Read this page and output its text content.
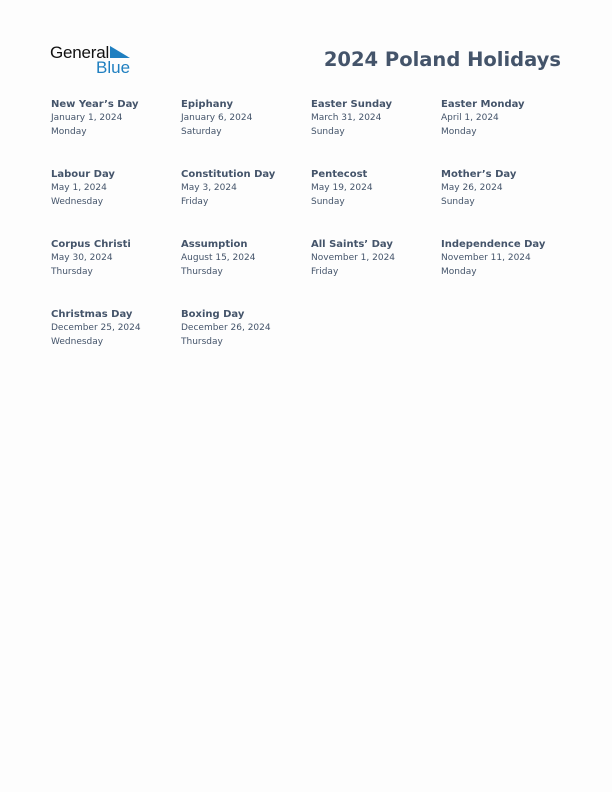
General
Blue	2024 Poland Holidays
New Year’s Day
January 1, 2024
Monday
Epiphany
January 6, 2024
Saturday
Easter Sunday
March 31, 2024
Sunday
Easter Monday
April 1, 2024
Monday
Labour Day
May 1, 2024
Wednesday
Constitution Day
May 3, 2024
Friday
Pentecost
May 19, 2024
Sunday
Mother’s Day
May 26, 2024
Sunday
Corpus Christi
May 30, 2024
Thursday
Assumption
August 15, 2024
Thursday
All Saints’ Day
November 1, 2024
Friday
Independence Day
November 11, 2024
Monday
Christmas Day
December 25, 2024
Wednesday
Boxing Day
December 26, 2024
Thursday
